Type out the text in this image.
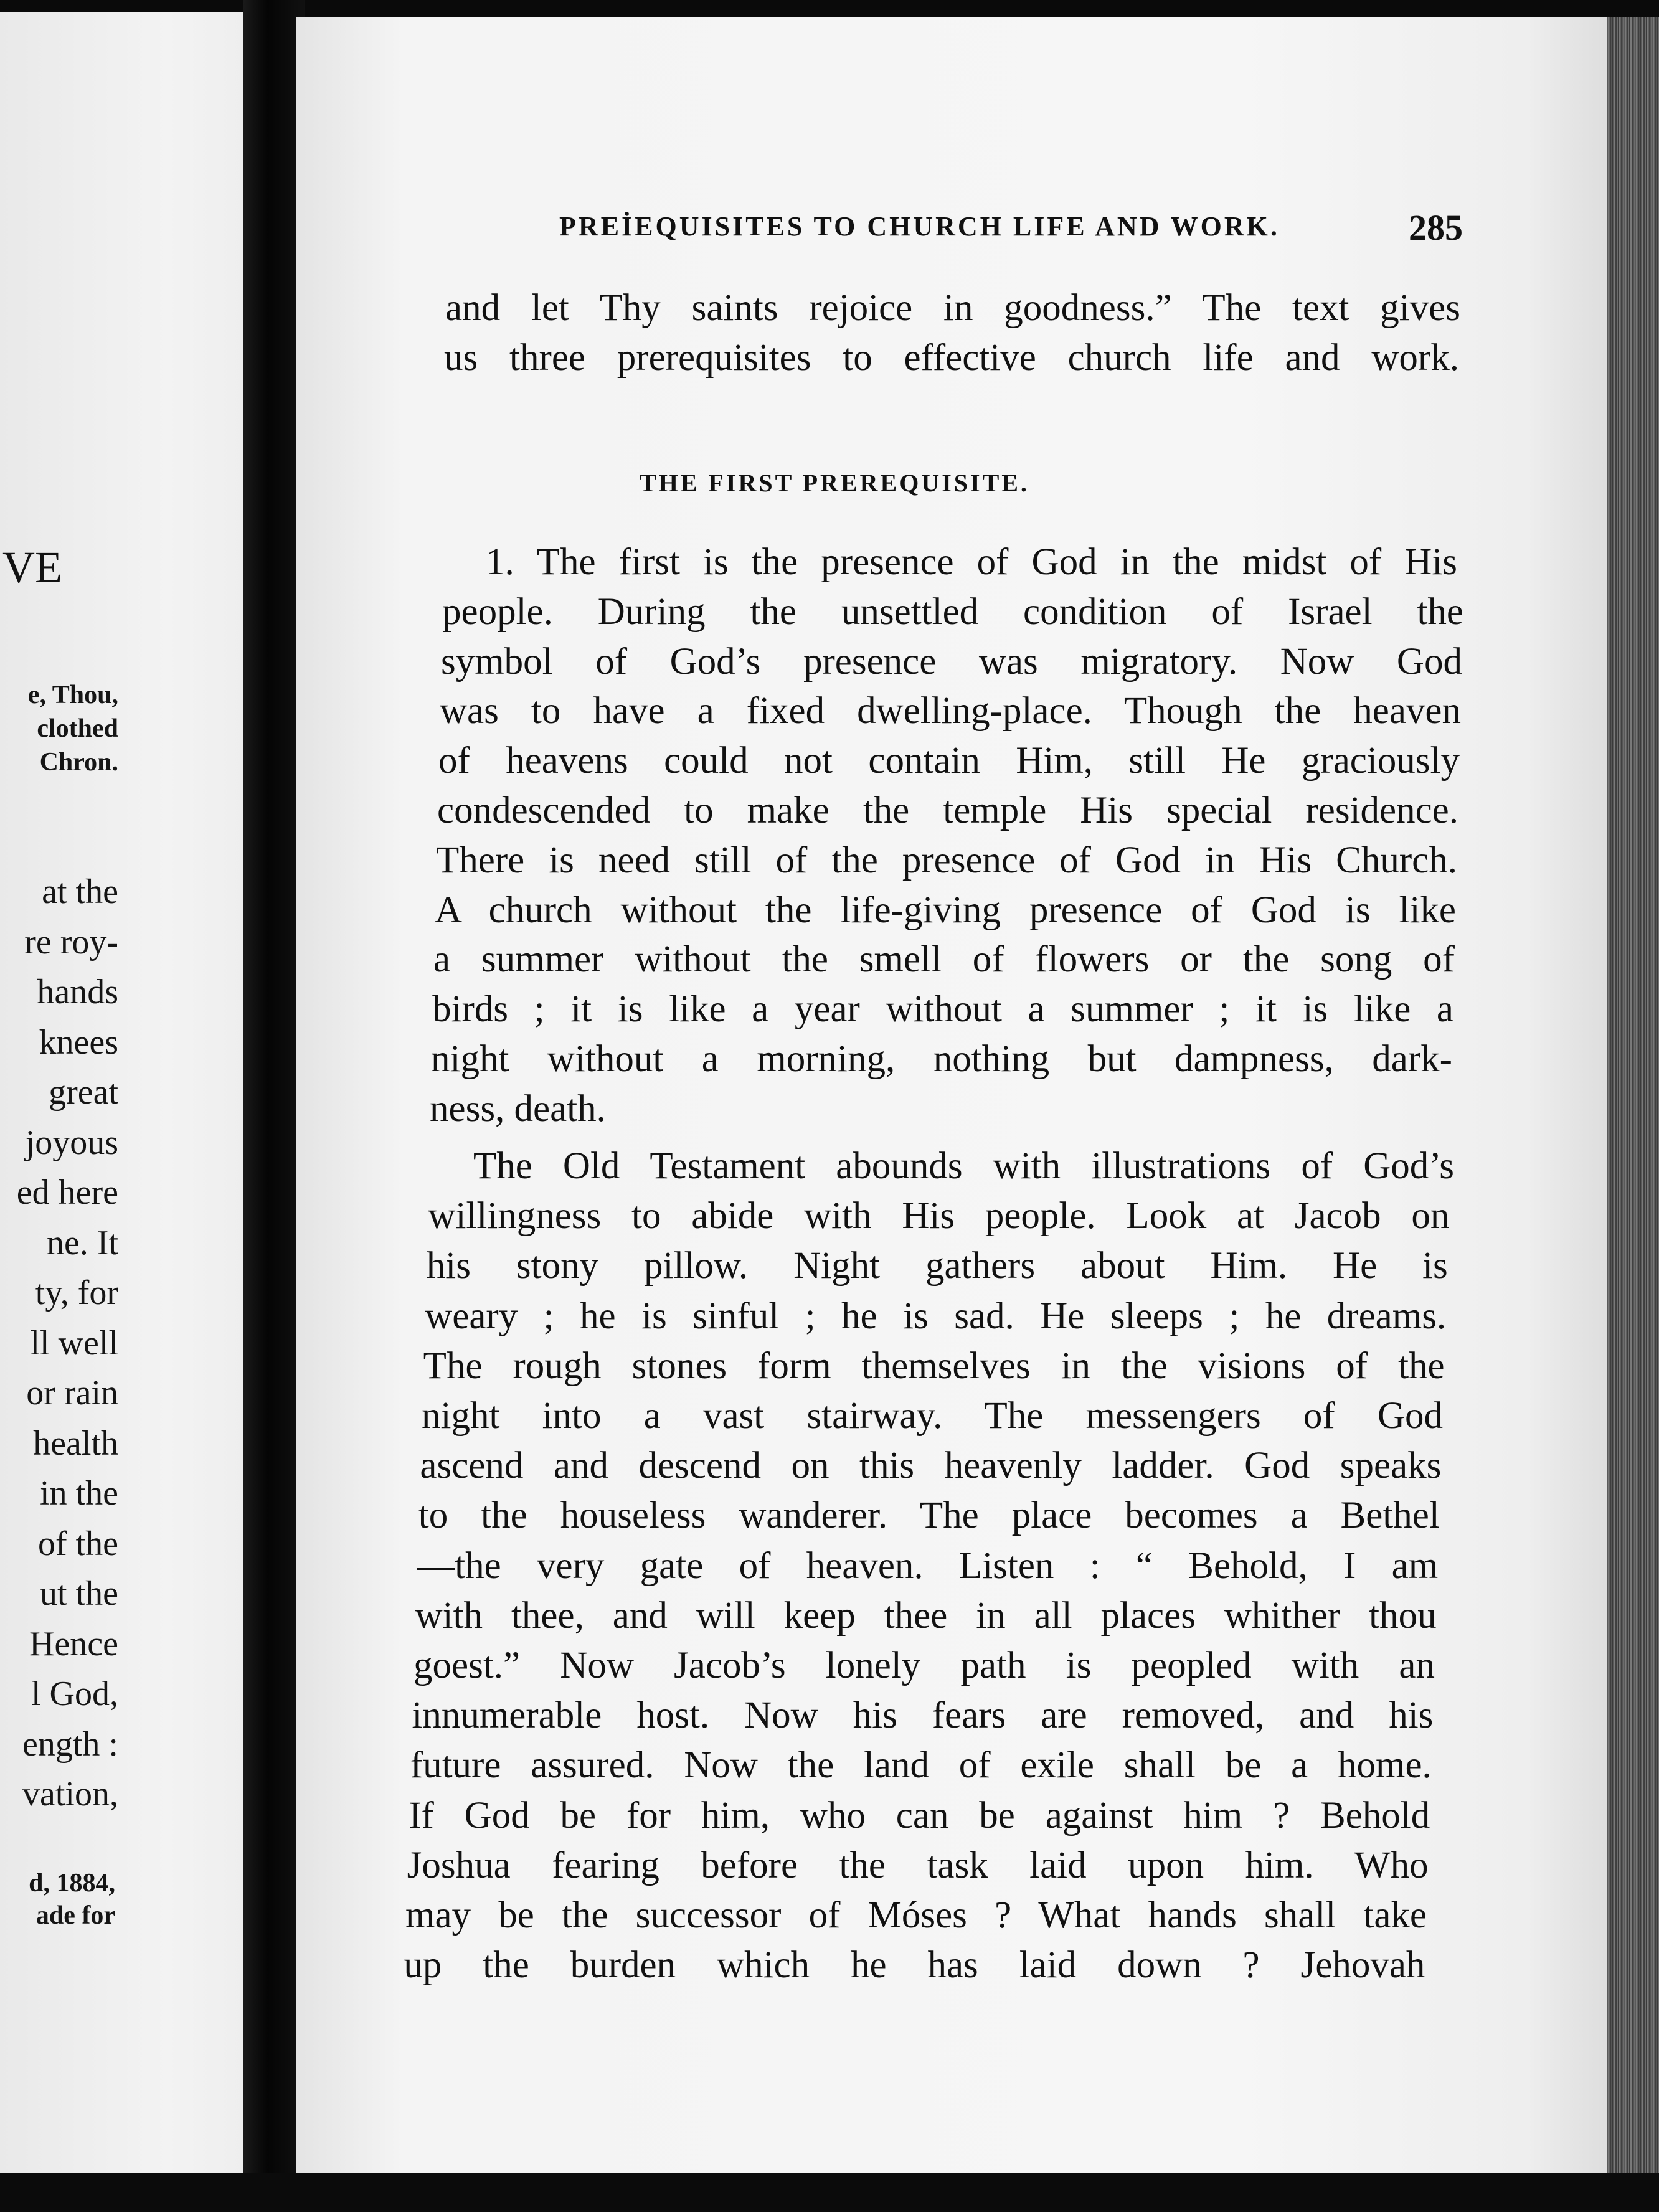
VE
e, Thou,
clothed
Chron.
at the
re roy-
hands
knees
great
joyous
ed here
ne. It
ty, for
ll well
or rain
health
in the
of the
ut the
Hence
l God,
ength :
vation,
d, 1884,
ade for
PREİEQUISITES TO CHURCH LIFE AND WORK.	285
and let Thy saints rejoice in goodness.” The text gives
us three prerequisites to effective church life and work.
THE FIRST PREREQUISITE.
1. The first is the presence of God in the midst of His
people. During the unsettled condition of Israel the
symbol of God’s presence was migratory. Now God
was to have a fixed dwelling-place. Though the heaven
of heavens could not contain Him, still He graciously
condescended to make the temple His special residence.
There is need still of the presence of God in His Church.
A church without the life-giving presence of God is like
a summer without the smell of flowers or the song of
birds ; it is like a year without a summer ; it is like a
night without a morning, nothing but dampness, dark-
ness, death.
The Old Testament abounds with illustrations of God’s
willingness to abide with His people. Look at Jacob on
his stony pillow. Night gathers about Him. He is
weary ; he is sinful ; he is sad. He sleeps ; he dreams.
The rough stones form themselves in the visions of the
night into a vast stairway. The messengers of God
ascend and descend on this heavenly ladder. God speaks
to the houseless wanderer. The place becomes a Bethel
—the very gate of heaven. Listen : “ Behold, I am
with thee, and will keep thee in all places whither thou
goest.” Now Jacob’s lonely path is peopled with an
innumerable host. Now his fears are removed, and his
future assured. Now the land of exile shall be a home.
If God be for him, who can be against him ? Behold
Joshua fearing before the task laid upon him. Who
may be the successor of Móses ? What hands shall take
up the burden which he has laid down ? Jehovah
